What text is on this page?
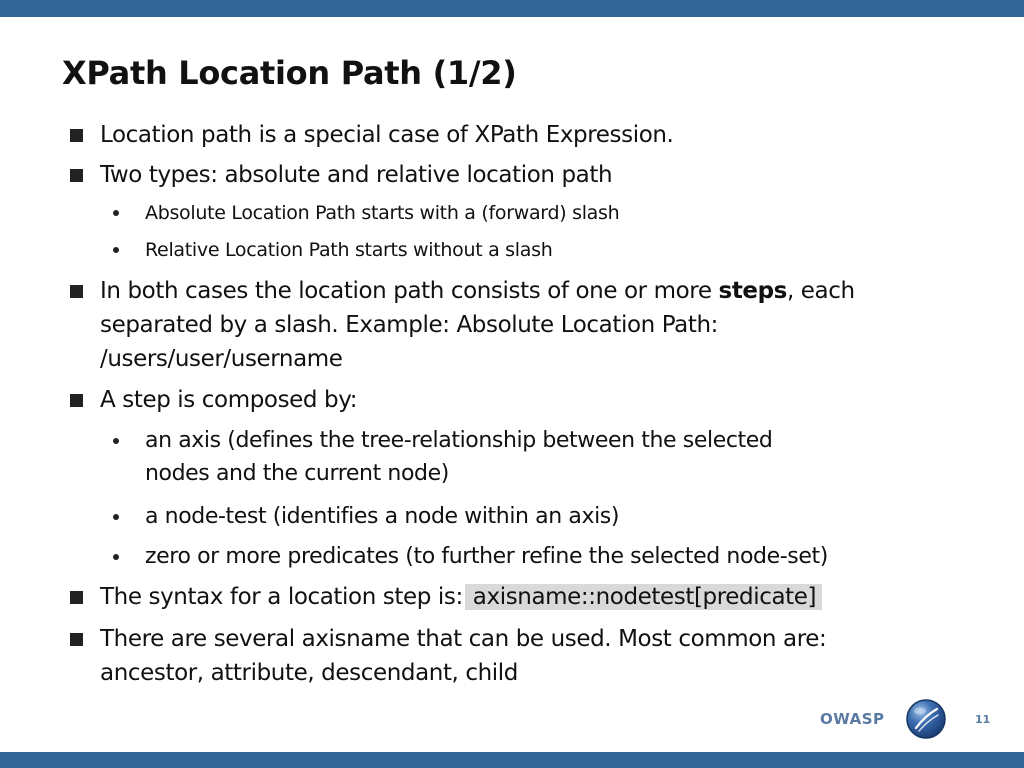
XPath Location Path (1/2)
Location path is a special case of XPath Expression.
Two types: absolute and relative location path
Absolute Location Path starts with a (forward) slash
Relative Location Path starts without a slash
In both cases the location path consists of one or more steps, each
separated by a slash. Example: Absolute Location Path:
/users/user/username
A step is composed by:
an axis (defines the tree-relationship between the selected
nodes and the current node)
a node-test (identifies a node within an axis)
zero or more predicates (to further refine the selected node-set)
The syntax for a location step is: axisname::nodetest[predicate]
There are several axisname that can be used. Most common are:
ancestor, attribute, descendant, child
OWASP	11
